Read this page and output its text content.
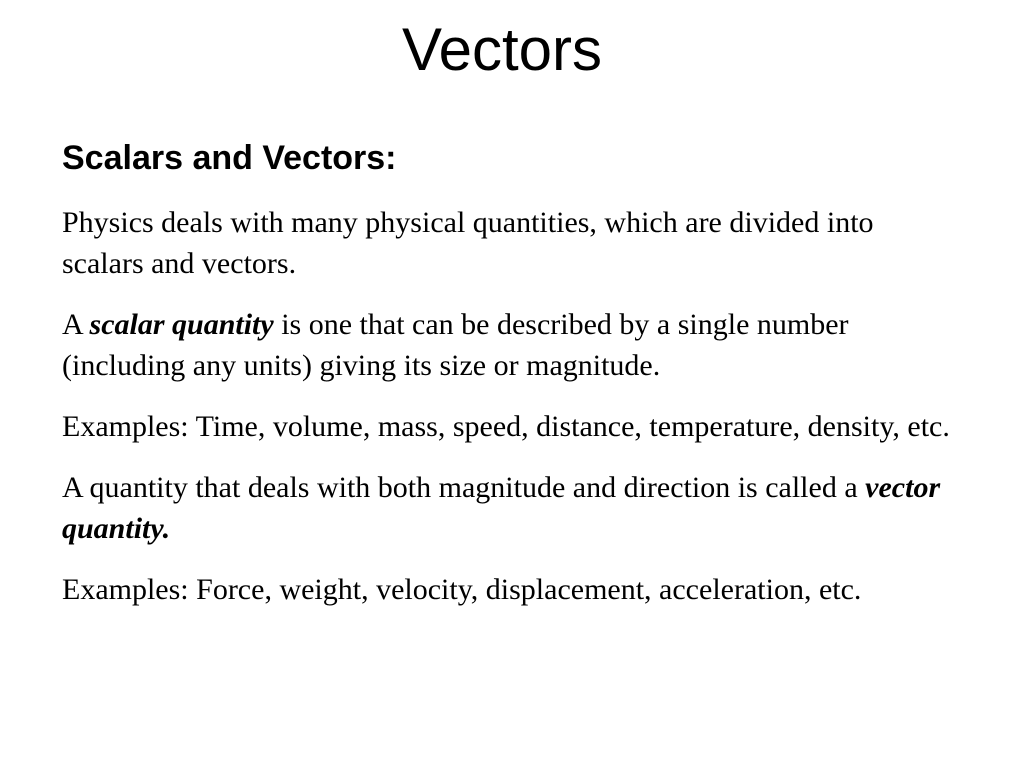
Vectors
Scalars and Vectors:

Physics deals with many physical quantities, which are divided into scalars and vectors.

A scalar quantity is one that can be described by a single number (including any units) giving its size or magnitude.

Examples: Time, volume, mass, speed, distance, temperature, density, etc.

A quantity that deals with both magnitude and direction is called a vector quantity.

Examples: Force, weight, velocity, displacement, acceleration, etc.
